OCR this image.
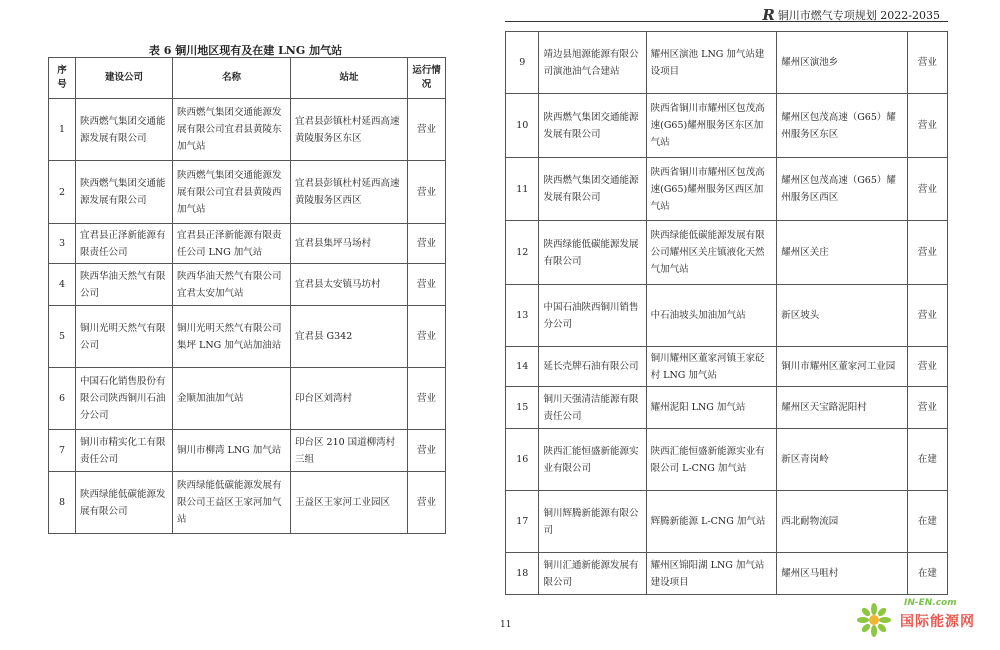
R 铜川市燃气专项规划 2022-2035
表 6 铜川地区现有及在建 LNG 加气站
序号	建设公司	名称	站址	运行情况
1	陕西燃气集团交通能源发展有限公司	陕西燃气集团交通能源发展有限公司宜君县黄陵东加气站	宜君县彭镇杜村延西高速黄陵服务区东区	营业
2	陕西燃气集团交通能源发展有限公司	陕西燃气集团交通能源发展有限公司宜君县黄陵西加气站	宜君县彭镇杜村延西高速黄陵服务区西区	营业
3	宜君县正泽新能源有限责任公司	宜君县正泽新能源有限责任公司 LNG 加气站	宜君县集坪马场村	营业
4	陕西华油天然气有限公司	陕西华油天然气有限公司宜君太安加气站	宜君县太安镇马坊村	营业
5	铜川光明天然气有限公司	铜川光明天然气有限公司集坪 LNG 加气站加油站	宜君县 G342	营业
6	中国石化销售股份有限公司陕西铜川石油分公司	金顺加油加气站	印台区刘湾村	营业
7	铜川市精实化工有限责任公司	铜川市柳湾 LNG 加气站	印台区 210 国道柳湾村三组	营业
8	陕西绿能低碳能源发展有限公司	陕西绿能低碳能源发展有限公司王益区王家河加气站	王益区王家河工业园区	营业
9	靖边县旭源能源有限公司演池油气合建站	耀州区演池 LNG 加气站建设项目	耀州区演池乡	营业
10	陕西燃气集团交通能源发展有限公司	陕西省铜川市耀州区包茂高速(G65)耀州服务区东区加气站	耀州区包茂高速（G65）耀州服务区东区	营业
11	陕西燃气集团交通能源发展有限公司	陕西省铜川市耀州区包茂高速(G65)耀州服务区西区加气站	耀州区包茂高速（G65）耀州服务区西区	营业
12	陕西绿能低碳能源发展有限公司	陕西绿能低碳能源发展有限公司耀州区关庄镇液化天然气加气站	耀州区关庄	营业
13	中国石油陕西铜川销售分公司	中石油坡头加油加气站	新区坡头	营业
14	延长壳牌石油有限公司	铜川耀州区董家河镇王家砭村 LNG 加气站	铜川市耀州区董家河工业园	营业
15	铜川天强清洁能源有限责任公司	耀州泥阳 LNG 加气站	耀州区天宝路泥阳村	营业
16	陕西汇能恒盛新能源实业有限公司	陕西汇能恒盛新能源实业有限公司 L-CNG 加气站	新区青岗岭	在建
17	铜川辉腾新能源有限公司	辉腾新能源 L-CNG 加气站	西北耐物流园	在建
18	铜川汇通新能源发展有限公司	耀州区锦阳湖 LNG 加气站建设项目	耀州区马咀村	在建
11
IN-EN.com
国际能源网
